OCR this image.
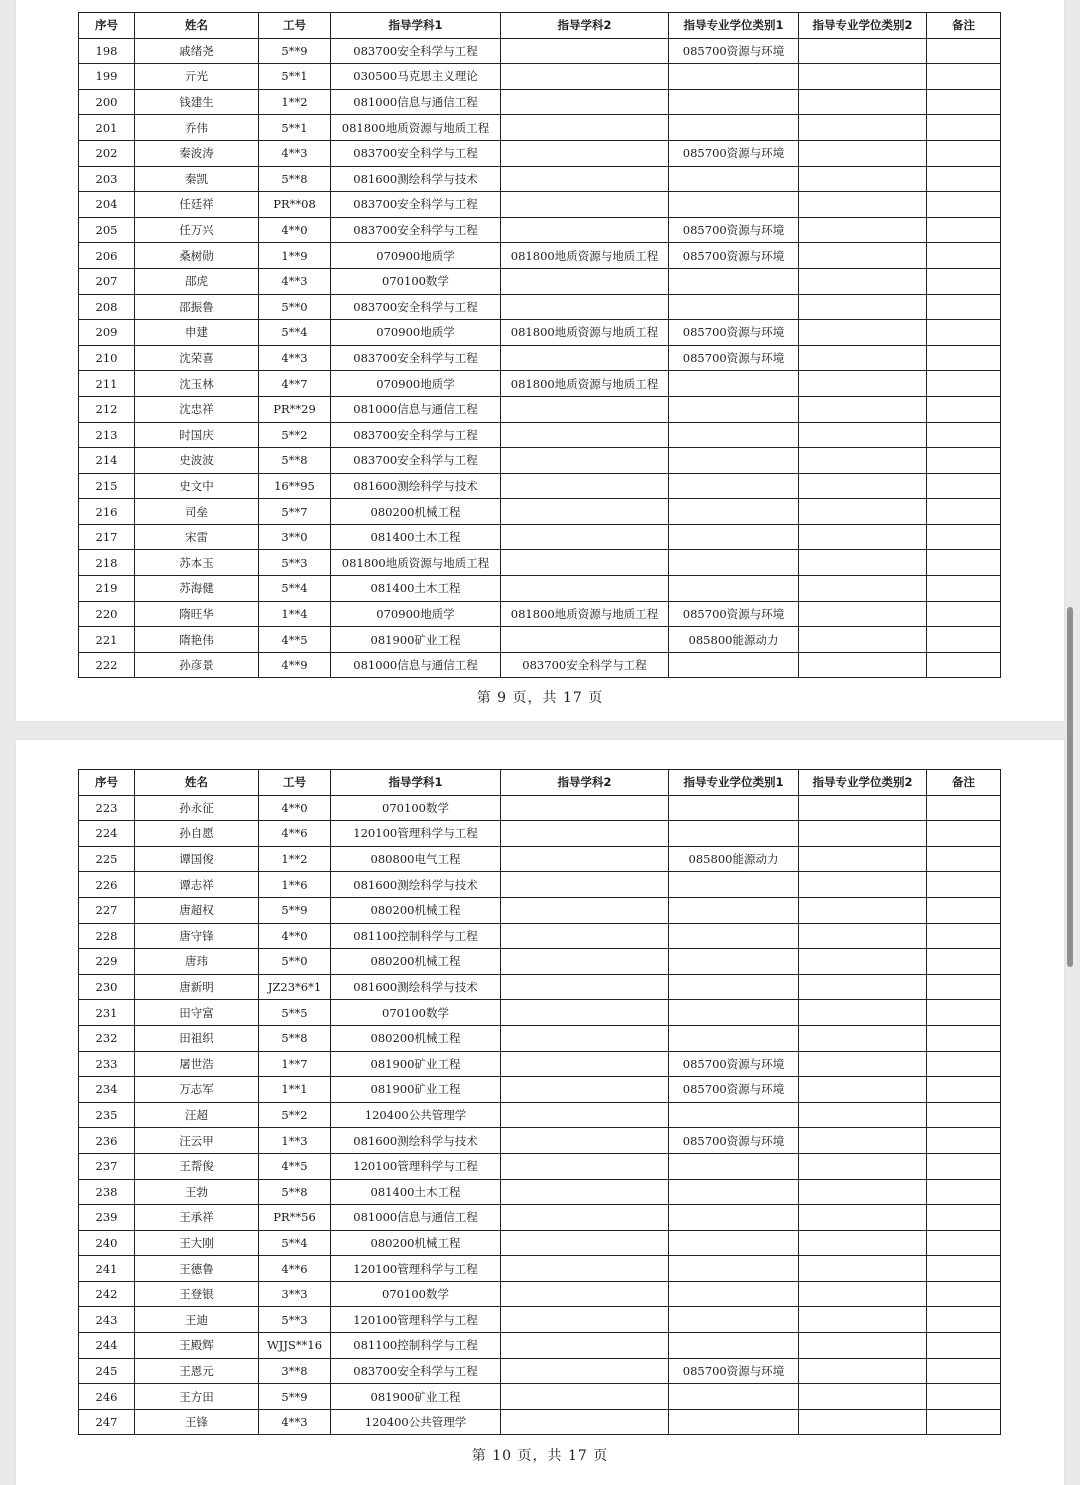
序号	姓名	工号	指导学科1	指导学科2	指导专业学位类别1	指导专业学位类别2	备注
198	戚绪尧	5**9	083700安全科学与工程		085700资源与环境		
199	亓光	5**1	030500马克思主义理论				
200	钱建生	1**2	081000信息与通信工程				
201	乔伟	5**1	081800地质资源与地质工程				
202	秦波涛	4**3	083700安全科学与工程		085700资源与环境		
203	秦凯	5**8	081600测绘科学与技术				
204	任廷祥	PR**08	083700安全科学与工程				
205	任万兴	4**0	083700安全科学与工程		085700资源与环境		
206	桑树勋	1**9	070900地质学	081800地质资源与地质工程	085700资源与环境		
207	邵虎	4**3	070100数学				
208	邵振鲁	5**0	083700安全科学与工程				
209	申建	5**4	070900地质学	081800地质资源与地质工程	085700资源与环境		
210	沈荣喜	4**3	083700安全科学与工程		085700资源与环境		
211	沈玉林	4**7	070900地质学	081800地质资源与地质工程			
212	沈忠祥	PR**29	081000信息与通信工程				
213	时国庆	5**2	083700安全科学与工程				
214	史波波	5**8	083700安全科学与工程				
215	史文中	16**95	081600测绘科学与技术				
216	司垒	5**7	080200机械工程				
217	宋雷	3**0	081400土木工程				
218	苏本玉	5**3	081800地质资源与地质工程				
219	苏海健	5**4	081400土木工程				
220	隋旺华	1**4	070900地质学	081800地质资源与地质工程	085700资源与环境		
221	隋艳伟	4**5	081900矿业工程		085800能源动力		
222	孙彦景	4**9	081000信息与通信工程	083700安全科学与工程			
第 9 页，共 17 页
序号	姓名	工号	指导学科1	指导学科2	指导专业学位类别1	指导专业学位类别2	备注
223	孙永征	4**0	070100数学				
224	孙自愿	4**6	120100管理科学与工程				
225	谭国俊	1**2	080800电气工程		085800能源动力		
226	谭志祥	1**6	081600测绘科学与技术				
227	唐超权	5**9	080200机械工程				
228	唐守锋	4**0	081100控制科学与工程				
229	唐玮	5**0	080200机械工程				
230	唐新明	JZ23*6*1	081600测绘科学与技术				
231	田守富	5**5	070100数学				
232	田祖织	5**8	080200机械工程				
233	屠世浩	1**7	081900矿业工程		085700资源与环境		
234	万志军	1**1	081900矿业工程		085700资源与环境		
235	汪超	5**2	120400公共管理学				
236	汪云甲	1**3	081600测绘科学与技术		085700资源与环境		
237	王帮俊	4**5	120100管理科学与工程				
238	王勃	5**8	081400土木工程				
239	王承祥	PR**56	081000信息与通信工程				
240	王大刚	5**4	080200机械工程				
241	王德鲁	4**6	120100管理科学与工程				
242	王登银	3**3	070100数学				
243	王迪	5**3	120100管理科学与工程				
244	王殿辉	WJJS**16	081100控制科学与工程				
245	王恩元	3**8	083700安全科学与工程		085700资源与环境		
246	王方田	5**9	081900矿业工程				
247	王锋	4**3	120400公共管理学				
第 10 页，共 17 页
